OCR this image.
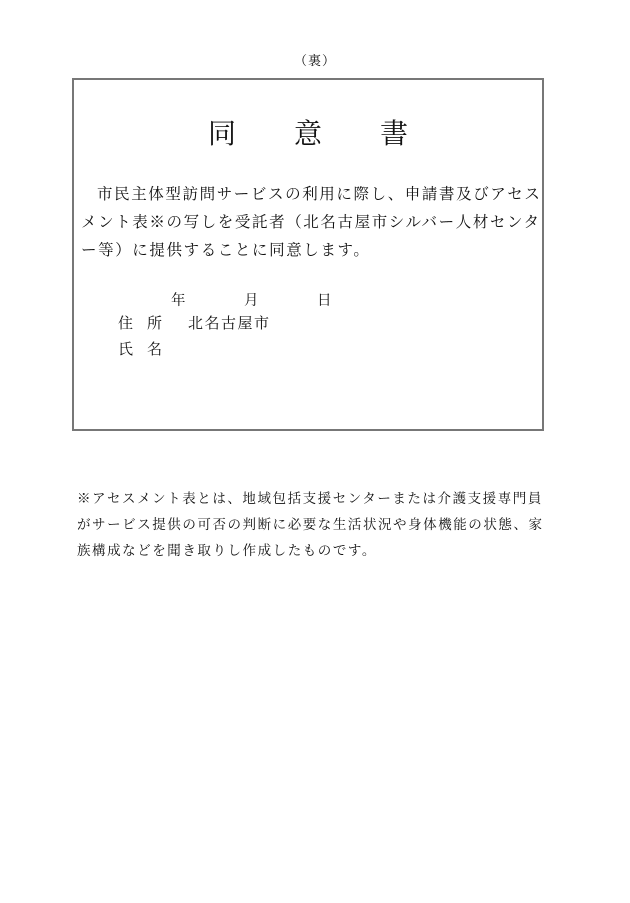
（裏）
同意書

市民主体型訪問サービスの利用に際し、申請書及びアセスメント表※の写しを受託者（北名古屋市シルバー人材センター等）に提供することに同意します。

年	月	日
住所 北名古屋市
氏名

※アセスメント表とは、地域包括支援センターまたは介護支援専門員がサービス提供の可否の判断に必要な生活状況や身体機能の状態、家族構成などを聞き取りし作成したものです。
